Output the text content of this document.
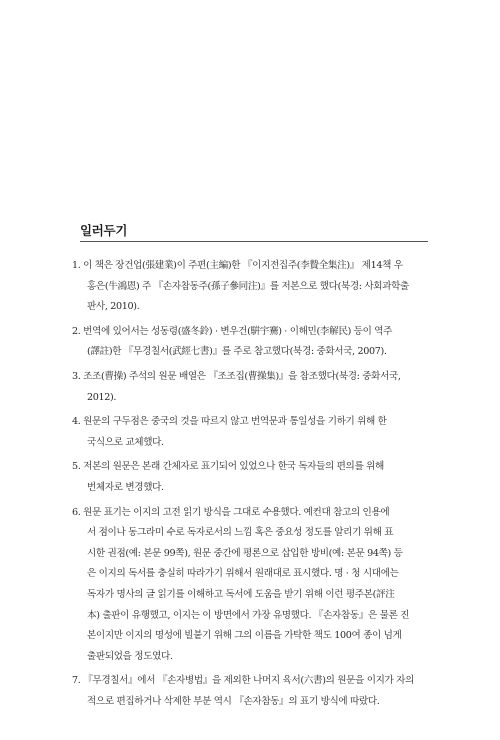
일러두기
1. 이 책은 장건업(張建業)이 주편(主編)한 『이지전집주(李贄全集注)』 제14책 우
홍은(牛鴻恩) 주 『손자참동주(孫子參同注)』를 저본으로 했다(북경: 사회과학출
판사, 2010).
2. 번역에 있어서는 성동령(盛冬鈴) · 변우건(騈宇騫) · 이해민(李解民) 등이 역주
(譯註)한 『무경칠서(武經七書)』를 주로 참고했다(북경: 중화서국, 2007).
3. 조조(曹操) 주석의 원문 배열은 『조조집(曹操集)』을 참조했다(북경: 중화서국,
2012).
4. 원문의 구두점은 중국의 것을 따르지 않고 번역문과 통일성을 기하기 위해 한
국식으로 교체했다.
5. 저본의 원문은 본래 간체자로 표기되어 있었으나 한국 독자들의 편의를 위해
번체자로 변경했다.
6. 원문 표기는 이지의 고전 읽기 방식을 그대로 수용했다. 예컨대 참고의 인용에
서 점이나 동그라미 수로 독자로서의 느낌 혹은 중요성 정도를 알리기 위해 표
시한 권점(예: 본문 99쪽), 원문 중간에 평론으로 삽입한 방비(예: 본문 94쪽) 등
은 이지의 독서를 충실히 따라가기 위해서 원래대로 표시했다. 명 · 청 시대에는
독자가 명사의 글 읽기를 이해하고 독서에 도움을 받기 위해 이런 평주본(評注
本) 출판이 유행했고, 이지는 이 방면에서 가장 유명했다. 『손자참동』은 물론 진
본이지만 이지의 명성에 빌붙기 위해 그의 이름을 가탁한 책도 100여 종이 넘게
출판되었을 정도였다.
7. 『무경칠서』에서 『손자병법』을 제외한 나머지 육서(六書)의 원문을 이지가 자의
적으로 편집하거나 삭제한 부분 역시 『손자참동』의 표기 방식에 따랐다.
